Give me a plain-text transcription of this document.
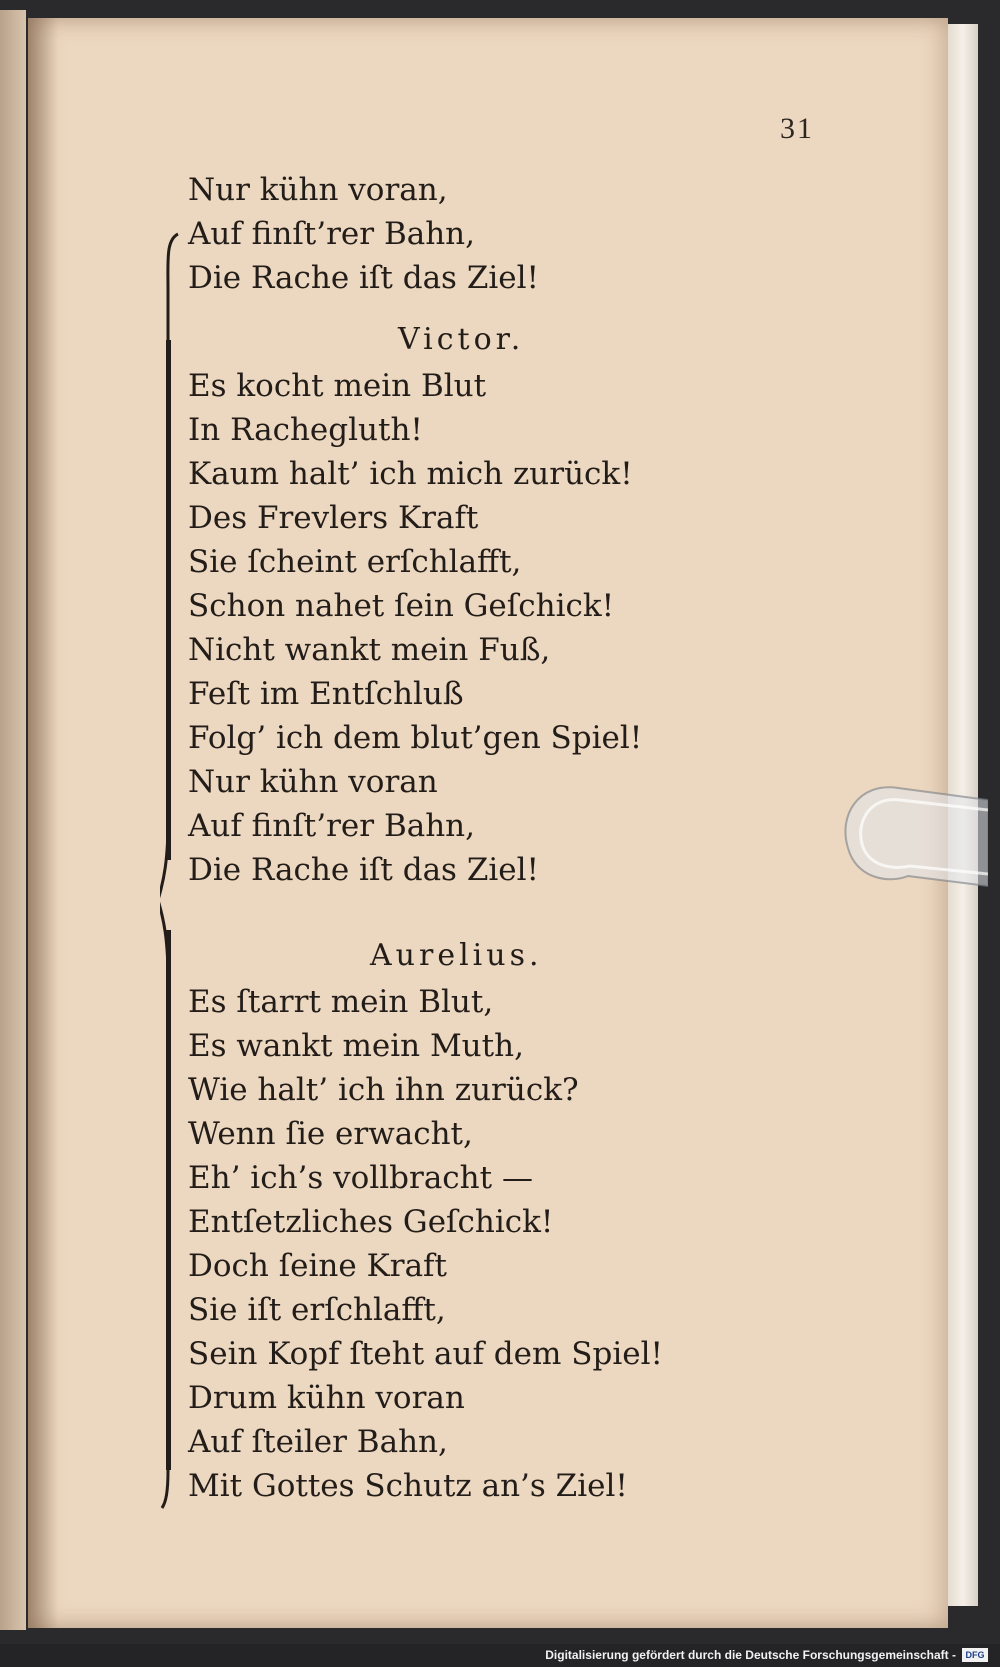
31
Nur kühn voran,
Auf finſt’rer Bahn,
Die Rache iſt das Ziel!
Victor.
Es kocht mein Blut
In Rachegluth!
Kaum halt’ ich mich zurück!
Des Frevlers Kraft
Sie ſcheint erſchlafft,
Schon nahet ſein Geſchick!
Nicht wankt mein Fuß,
Feſt im Entſchluß
Folg’ ich dem blut’gen Spiel!
Nur kühn voran
Auf finſt’rer Bahn,
Die Rache iſt das Ziel!
Aurelius.
Es ſtarrt mein Blut,
Es wankt mein Muth,
Wie halt’ ich ihn zurück?
Wenn ſie erwacht,
Eh’ ich’s vollbracht —
Entſetzliches Geſchick!
Doch ſeine Kraft
Sie iſt erſchlafft,
Sein Kopf ſteht auf dem Spiel!
Drum kühn voran
Auf ſteiler Bahn,
Mit Gottes Schutz an’s Ziel!
Digitalisierung gefördert durch die Deutsche Forschungsgemeinschaft -	DFG
